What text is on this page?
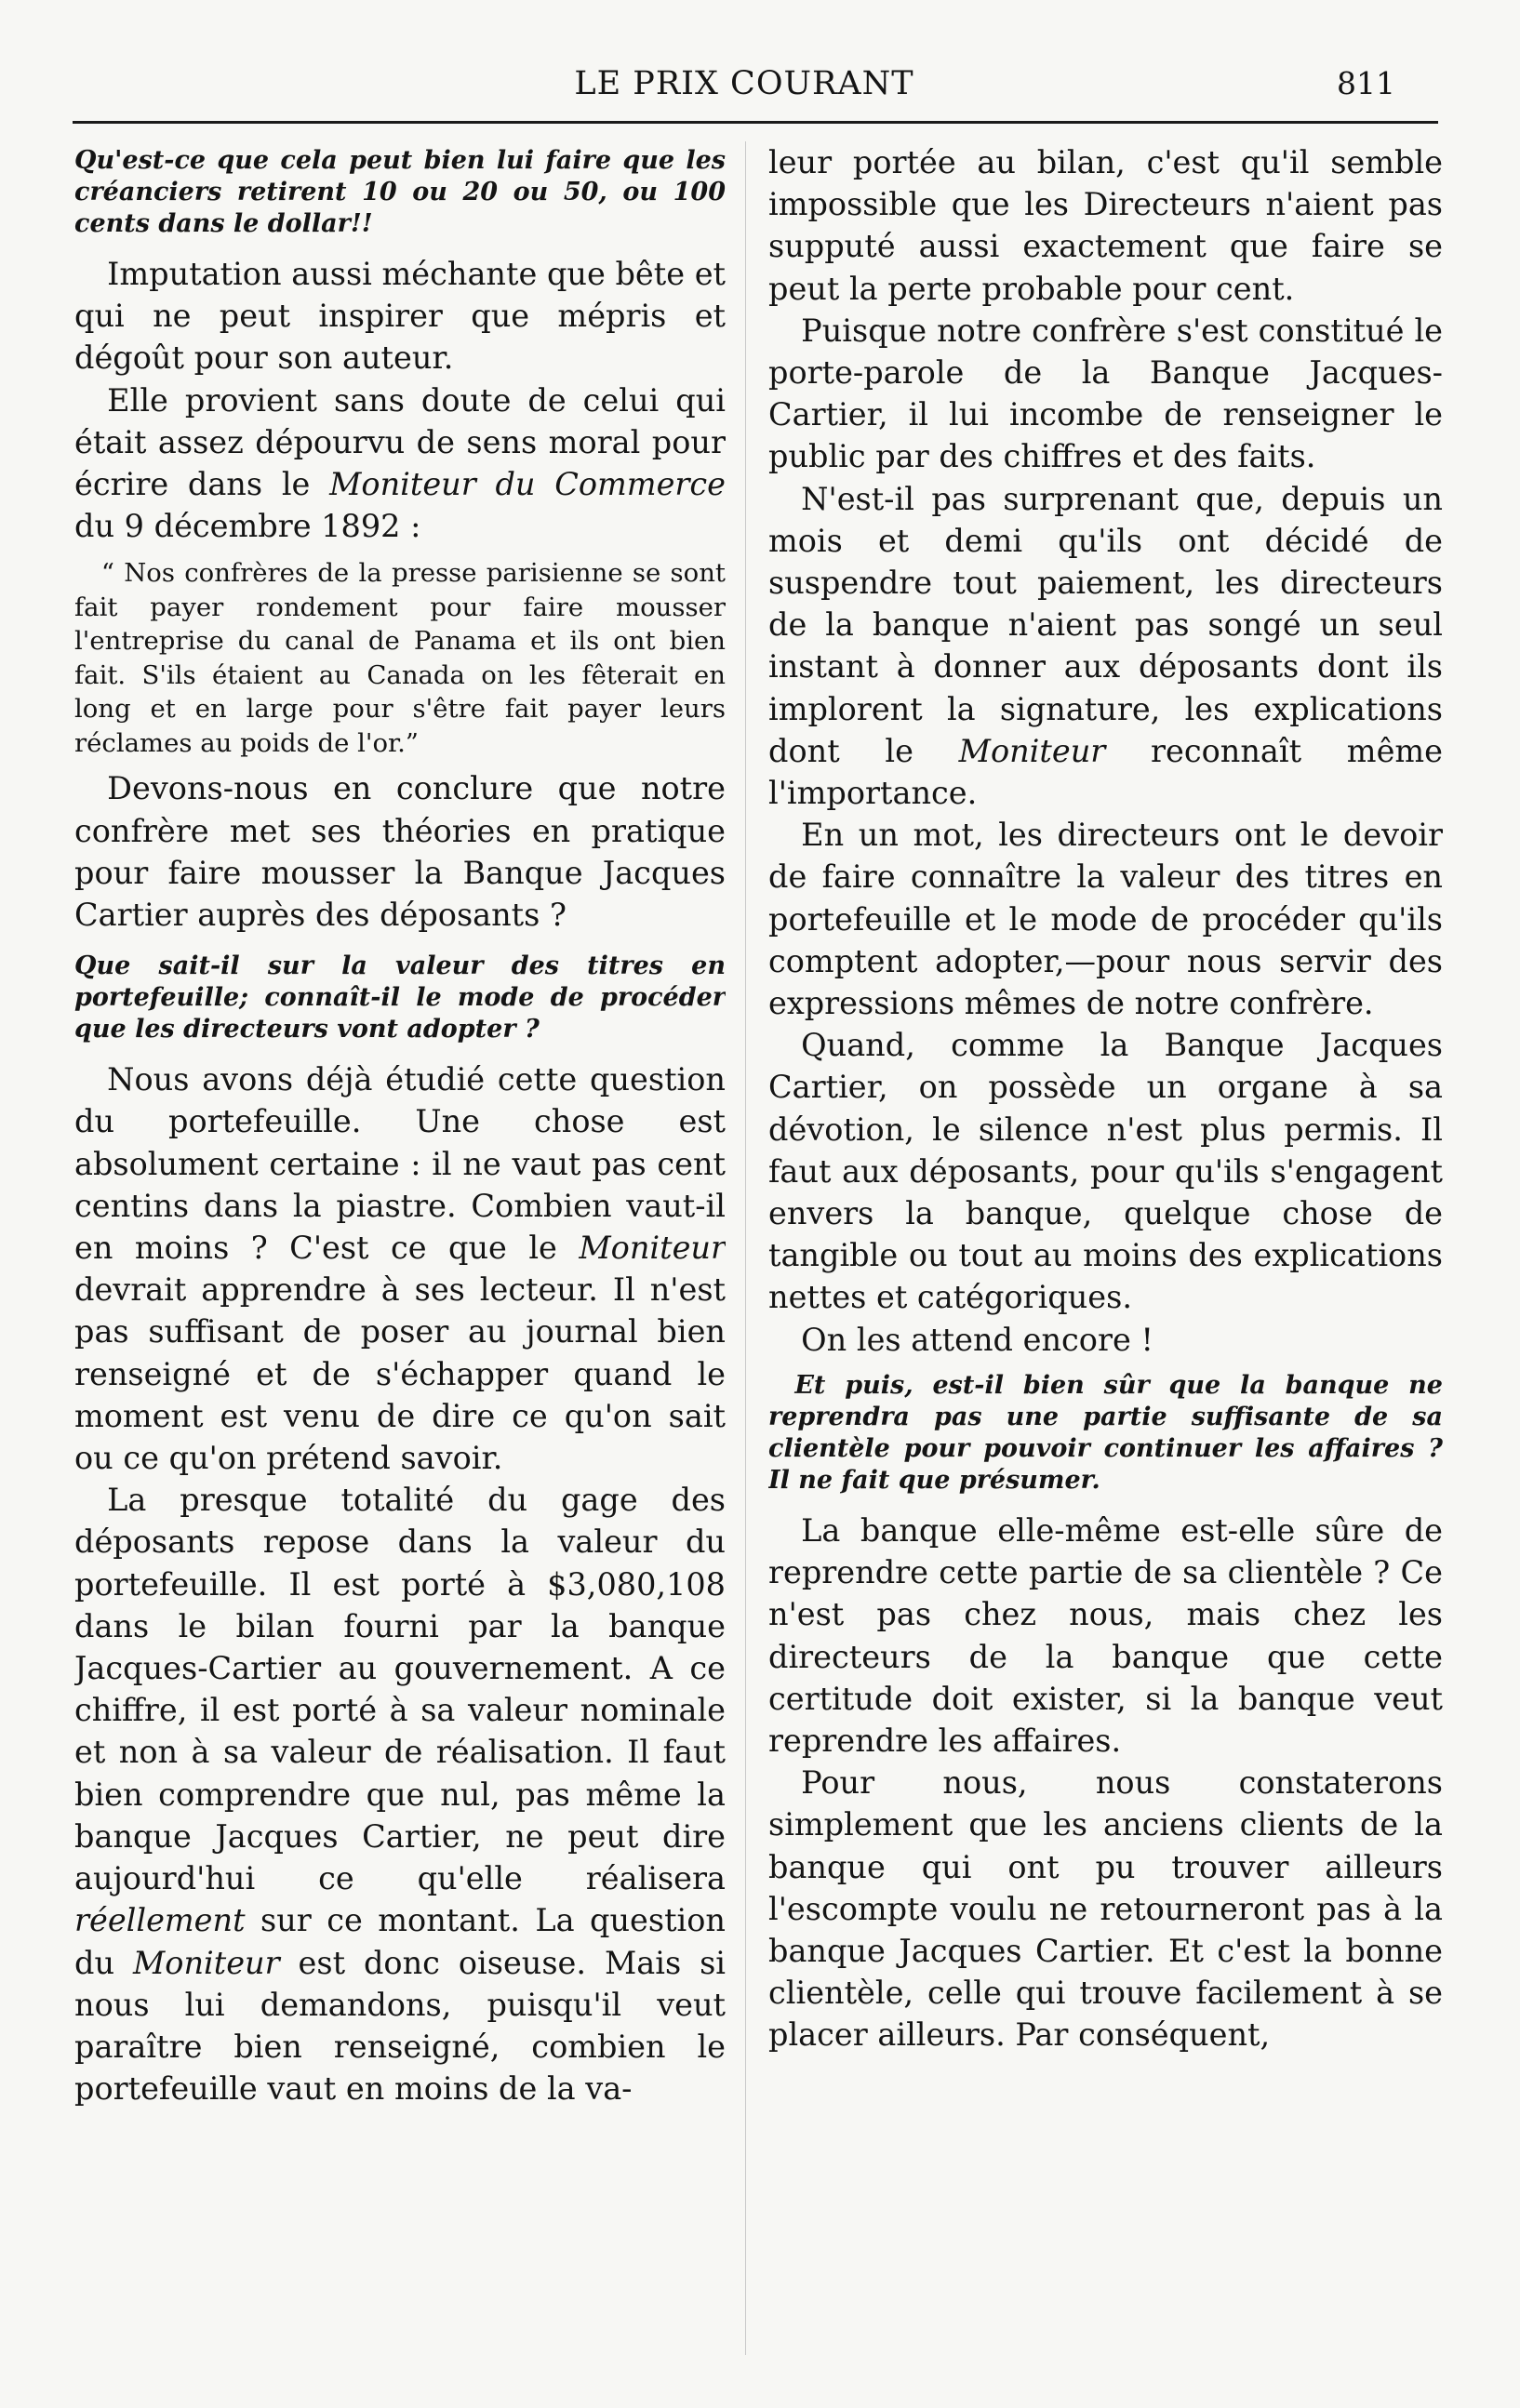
LE PRIX COURANT	811

Qu'est-ce que cela peut bien lui faire que les créanciers retirent 10 ou 20 ou 50, ou 100 cents dans le dollar!!

Imputation aussi méchante que bête et qui ne peut inspirer que mépris et dégoût pour son auteur.

Elle provient sans doute de celui qui était assez dépourvu de sens moral pour écrire dans le Moniteur du Commerce du 9 décembre 1892 :

“ Nos confrères de la presse parisienne se sont fait payer rondement pour faire mousser l'entreprise du canal de Panama et ils ont bien fait. S'ils étaient au Canada on les fêterait en long et en large pour s'être fait payer leurs réclames au poids de l'or.”

Devons-nous en conclure que notre confrère met ses théories en pratique pour faire mousser la Banque Jacques Cartier auprès des déposants ?

Que sait-il sur la valeur des titres en portefeuille; connaît-il le mode de procéder que les directeurs vont adopter ?

Nous avons déjà étudié cette question du portefeuille. Une chose est absolument certaine : il ne vaut pas cent centins dans la piastre. Combien vaut-il en moins ? C'est ce que le Moniteur devrait apprendre à ses lecteur. Il n'est pas suffisant de poser au journal bien renseigné et de s'échapper quand le moment est venu de dire ce qu'on sait ou ce qu'on prétend savoir.

La presque totalité du gage des déposants repose dans la valeur du portefeuille. Il est porté à $3,080,108 dans le bilan fourni par la banque Jacques-Cartier au gouvernement. A ce chiffre, il est porté à sa valeur nominale et non à sa valeur de réalisation. Il faut bien comprendre que nul, pas même la banque Jacques Cartier, ne peut dire aujourd'hui ce qu'elle réalisera réellement sur ce montant. La question du Moniteur est donc oiseuse. Mais si nous lui demandons, puisqu'il veut paraître bien renseigné, combien le portefeuille vaut en moins de la va-

leur portée au bilan, c'est qu'il semble impossible que les Directeurs n'aient pas supputé aussi exactement que faire se peut la perte probable pour cent.

Puisque notre confrère s'est constitué le porte-parole de la Banque Jacques-Cartier, il lui incombe de renseigner le public par des chiffres et des faits.

N'est-il pas surprenant que, depuis un mois et demi qu'ils ont décidé de suspendre tout paiement, les directeurs de la banque n'aient pas songé un seul instant à donner aux déposants dont ils implorent la signature, les explications dont le Moniteur reconnaît même l'importance.

En un mot, les directeurs ont le devoir de faire connaître la valeur des titres en portefeuille et le mode de procéder qu'ils comptent adopter,—pour nous servir des expressions mêmes de notre confrère.

Quand, comme la Banque Jacques Cartier, on possède un organe à sa dévotion, le silence n'est plus permis. Il faut aux déposants, pour qu'ils s'engagent envers la banque, quelque chose de tangible ou tout au moins des explications nettes et catégoriques.

On les attend encore !

Et puis, est-il bien sûr que la banque ne reprendra pas une partie suffisante de sa clientèle pour pouvoir continuer les affaires ? Il ne fait que présumer.

La banque elle-même est-elle sûre de reprendre cette partie de sa clientèle ? Ce n'est pas chez nous, mais chez les directeurs de la banque que cette certitude doit exister, si la banque veut reprendre les affaires.

Pour nous, nous constaterons simplement que les anciens clients de la banque qui ont pu trouver ailleurs l'escompte voulu ne retourneront pas à la banque Jacques Cartier. Et c'est la bonne clientèle, celle qui trouve facilement à se placer ailleurs. Par conséquent,
